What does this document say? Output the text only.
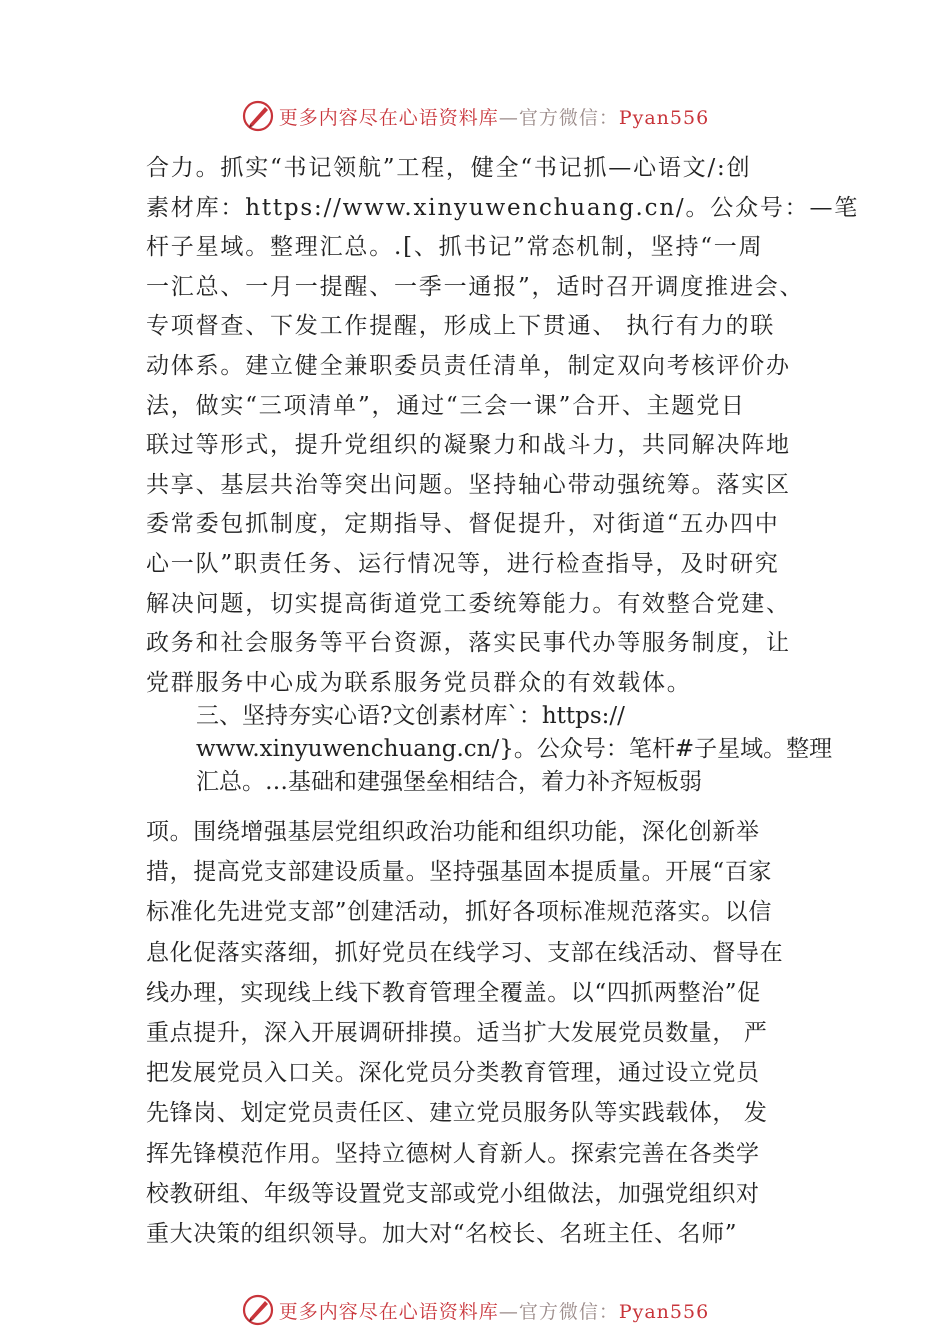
更多内容尽在心语资料库—官方微信：Pyan556
合力。抓实“书记领航”工程，健全“书记抓—心语文/:创
素材库：https://www.xinyuwenchuang.cn/。公众号：—笔
杆子星域。整理汇总。.[、抓书记”常态机制，坚持“一周
一汇总、一月一提醒、一季一通报”，适时召开调度推进会、
专项督查、下发工作提醒，形成上下贯通、 执行有力的联
动体系。建立健全兼职委员责任清单，制定双向考核评价办
法，做实“三项清单”，通过“三会一课”合开、主题党日
联过等形式，提升党组织的凝聚力和战斗力，共同解决阵地
共享、基层共治等突出问题。坚持轴心带动强统筹。落实区
委常委包抓制度，定期指导、督促提升，对街道“五办四中
心一队”职责任务、运行情况等，进行检查指导，及时研究
解决问题，切实提高街道党工委统筹能力。有效整合党建、
政务和社会服务等平台资源，落实民事代办等服务制度，让
党群服务中心成为联系服务党员群众的有效载体。
三、坚持夯实心语?文创素材库`：https://
www.xinyuwenchuang.cn/}。公众号：笔杆#子星域。整理
汇总。…基础和建强堡垒相结合，着力补齐短板弱
项。围绕增强基层党组织政治功能和组织功能，深化创新举
措，提高党支部建设质量。坚持强基固本提质量。开展“百家
标准化先进党支部”创建活动，抓好各项标准规范落实。以信
息化促落实落细，抓好党员在线学习、支部在线活动、督导在
线办理，实现线上线下教育管理全覆盖。以“四抓两整治”促
重点提升，深入开展调研排摸。适当扩大发展党员数量， 严
把发展党员入口关。深化党员分类教育管理，通过设立党员
先锋岗、划定党员责任区、建立党员服务队等实践载体， 发
挥先锋模范作用。坚持立德树人育新人。探索完善在各类学
校教研组、年级等设置党支部或党小组做法，加强党组织对
重大决策的组织领导。加大对“名校长、名班主任、名师”
更多内容尽在心语资料库—官方微信：Pyan556
